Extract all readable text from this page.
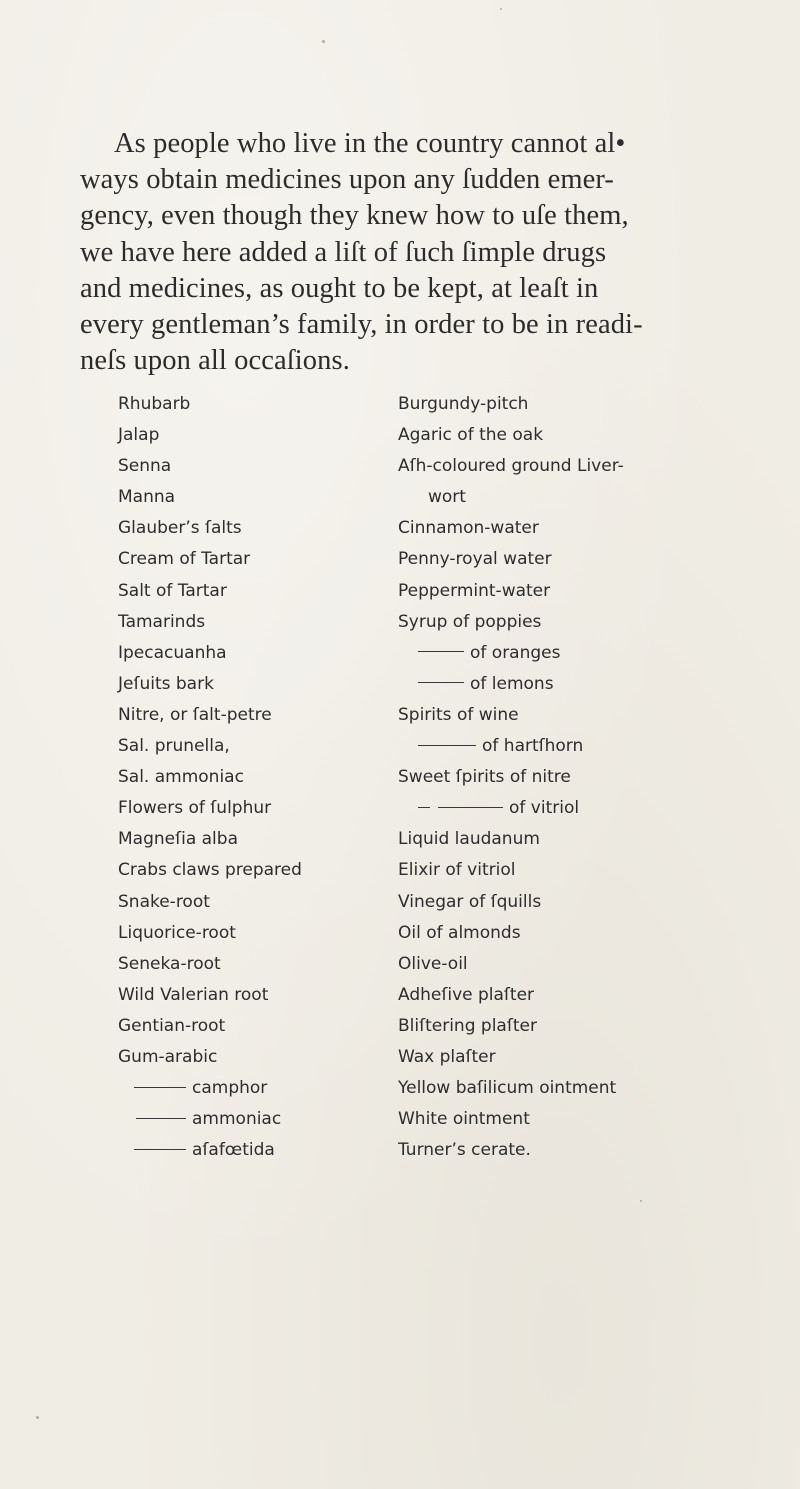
As people who live in the country cannot al•
ways obtain medicines upon any ſudden emer-
gency, even though they knew how to uſe them,
we have here added a liſt of ſuch ſimple drugs
and medicines, as ought to be kept, at leaſt in
every gentleman’s family, in order to be in readi-
neſs upon all occaſions.
Rhubarb
Jalap
Senna
Manna
Glauber’s ſalts
Cream of Tartar
Salt of Tartar
Tamarinds
Ipecacuanha
Jeſuits bark
Nitre, or ſalt-petre
Sal. prunella,
Sal. ammoniac
Flowers of ſulphur
Magneſia alba
Crabs claws prepared
Snake-root
Liquorice-root
Seneka-root
Wild Valerian root
Gentian-root
Gum-arabic
camphor
ammoniac
aſafœtida
Burgundy-pitch
Agaric of the oak
Aſh-coloured ground Liver-
wort
Cinnamon-water
Penny-royal water
Peppermint-water
Syrup of poppies
of oranges
of lemons
Spirits of wine
of hartſhorn
Sweet ſpirits of nitre
of vitriol
Liquid laudanum
Elixir of vitriol
Vinegar of ſquills
Oil of almonds
Olive-oil
Adheſive plaſter
Bliſtering plaſter
Wax plaſter
Yellow baſilicum ointment
White ointment
Turner’s cerate.
